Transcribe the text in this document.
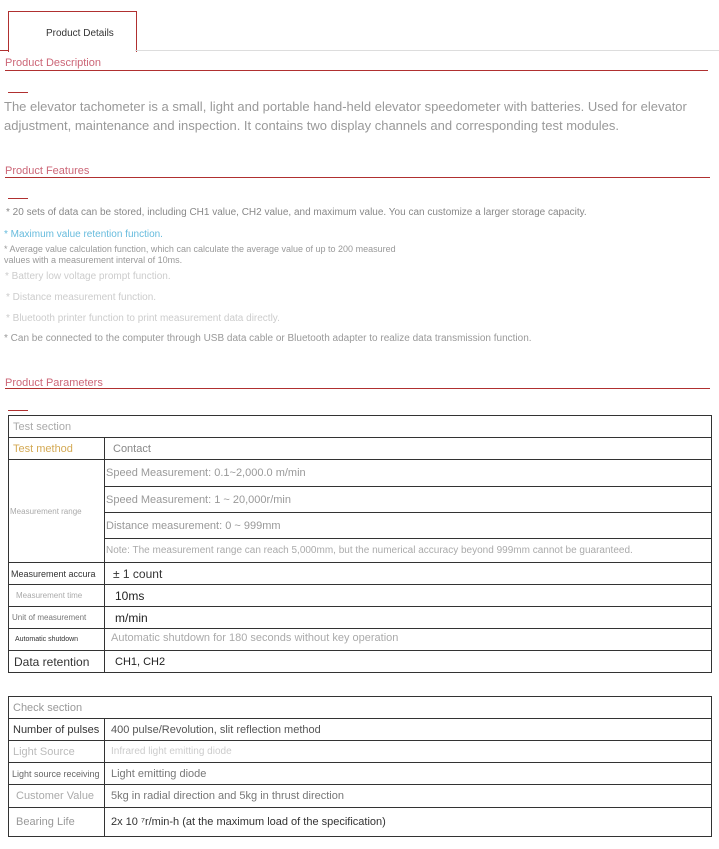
Product Details
Product Description
The elevator tachometer is a small, light and portable hand-held elevator speedometer with batteries. Used for elevator adjustment, maintenance and inspection. It contains two display channels and corresponding test modules.
Product Features
* 20 sets of data can be stored, including CH1 value, CH2 value, and maximum value. You can customize a larger storage capacity.
* Maximum value retention function.
* Average value calculation function, which can calculate the average value of up to 200 measured
values with a measurement interval of 10ms.
* Battery low voltage prompt function.
* Distance measurement function.
* Bluetooth printer function to print measurement data directly.
* Can be connected to the computer through USB data cable or Bluetooth adapter to realize data transmission function.
Product Parameters
Test section	
Test method	Contact
Measurement range	Speed Measurement: 0.1~2,000.0 m/min
	Speed Measurement: 1 ~ 20,000r/min
	Distance measurement: 0 ~ 999mm
	Note: The measurement range can reach 5,000mm, but the numerical accuracy beyond 999mm cannot be guaranteed.
Measurement accura	± 1 count
Measurement time	10ms
Unit of measurement	m/min
Automatic shutdown	Automatic shutdown for 180 seconds without key operation
Data retention	CH1, CH2
Check section	
Number of pulses	400 pulse/Revolution, slit reflection method
Light Source	Infrared light emitting diode
Light source receiving	Light emitting diode
Customer Value	5kg in radial direction and 5kg in thrust direction
Bearing Life	2x 10 ⁷r/min-h (at the maximum load of the specification)
